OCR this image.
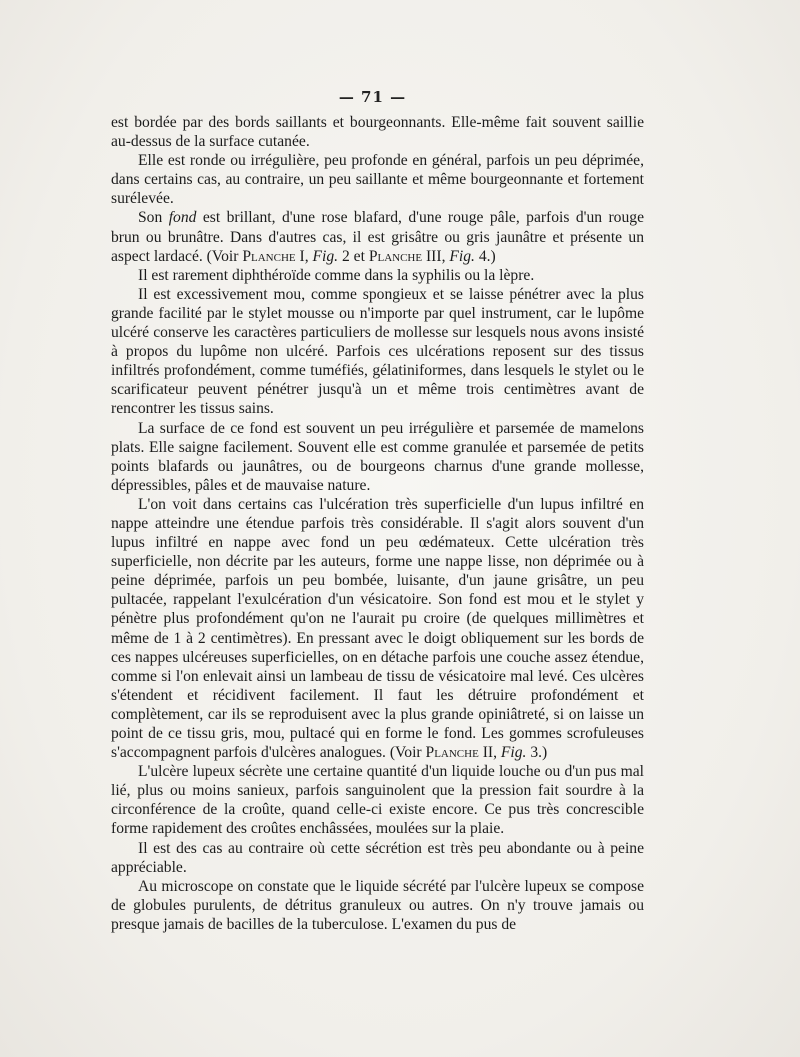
— 71 —

est bordée par des bords saillants et bourgeonnants. Elle-même fait souvent saillie au-dessus de la surface cutanée.

Elle est ronde ou irrégulière, peu profonde en général, parfois un peu déprimée, dans certains cas, au contraire, un peu saillante et même bourgeonnante et fortement surélevée.

Son fond est brillant, d'une rose blafard, d'une rouge pâle, parfois d'un rouge brun ou brunâtre. Dans d'autres cas, il est grisâtre ou gris jaunâtre et présente un aspect lardacé. (Voir Planche I, Fig. 2 et Planche III, Fig. 4.)

Il est rarement diphthéroïde comme dans la syphilis ou la lèpre.

Il est excessivement mou, comme spongieux et se laisse pénétrer avec la plus grande facilité par le stylet mousse ou n'importe par quel instrument, car le lupôme ulcéré conserve les caractères particuliers de mollesse sur lesquels nous avons insisté à propos du lupôme non ulcéré. Parfois ces ulcérations reposent sur des tissus infiltrés profondément, comme tuméfiés, gélatiniformes, dans lesquels le stylet ou le scarificateur peuvent pénétrer jusqu'à un et même trois centimètres avant de rencontrer les tissus sains.

La surface de ce fond est souvent un peu irrégulière et parsemée de mamelons plats. Elle saigne facilement. Souvent elle est comme granulée et parsemée de petits points blafards ou jaunâtres, ou de bourgeons charnus d'une grande mollesse, dépressibles, pâles et de mauvaise nature.

L'on voit dans certains cas l'ulcération très superficielle d'un lupus infiltré en nappe atteindre une étendue parfois très considérable. Il s'agit alors souvent d'un lupus infiltré en nappe avec fond un peu œdémateux. Cette ulcération très superficielle, non décrite par les auteurs, forme une nappe lisse, non déprimée ou à peine déprimée, parfois un peu bombée, luisante, d'un jaune grisâtre, un peu pultacée, rappelant l'exulcération d'un vésicatoire. Son fond est mou et le stylet y pénètre plus profondément qu'on ne l'aurait pu croire (de quelques millimètres et même de 1 à 2 centimètres). En pressant avec le doigt obliquement sur les bords de ces nappes ulcéreuses superficielles, on en détache parfois une couche assez étendue, comme si l'on enlevait ainsi un lambeau de tissu de vésicatoire mal levé. Ces ulcères s'étendent et récidivent facilement. Il faut les détruire profondément et complètement, car ils se reproduisent avec la plus grande opiniâtreté, si on laisse un point de ce tissu gris, mou, pultacé qui en forme le fond. Les gommes scrofuleuses s'accompagnent parfois d'ulcères analogues. (Voir Planche II, Fig. 3.)

L'ulcère lupeux sécrète une certaine quantité d'un liquide louche ou d'un pus mal lié, plus ou moins sanieux, parfois sanguinolent que la pression fait sourdre à la circonférence de la croûte, quand celle-ci existe encore. Ce pus très concrescible forme rapidement des croûtes enchâssées, moulées sur la plaie.

Il est des cas au contraire où cette sécrétion est très peu abondante ou à peine appréciable.

Au microscope on constate que le liquide sécrété par l'ulcère lupeux se compose de globules purulents, de détritus granuleux ou autres. On n'y trouve jamais ou presque jamais de bacilles de la tuberculose. L'examen du pus de
